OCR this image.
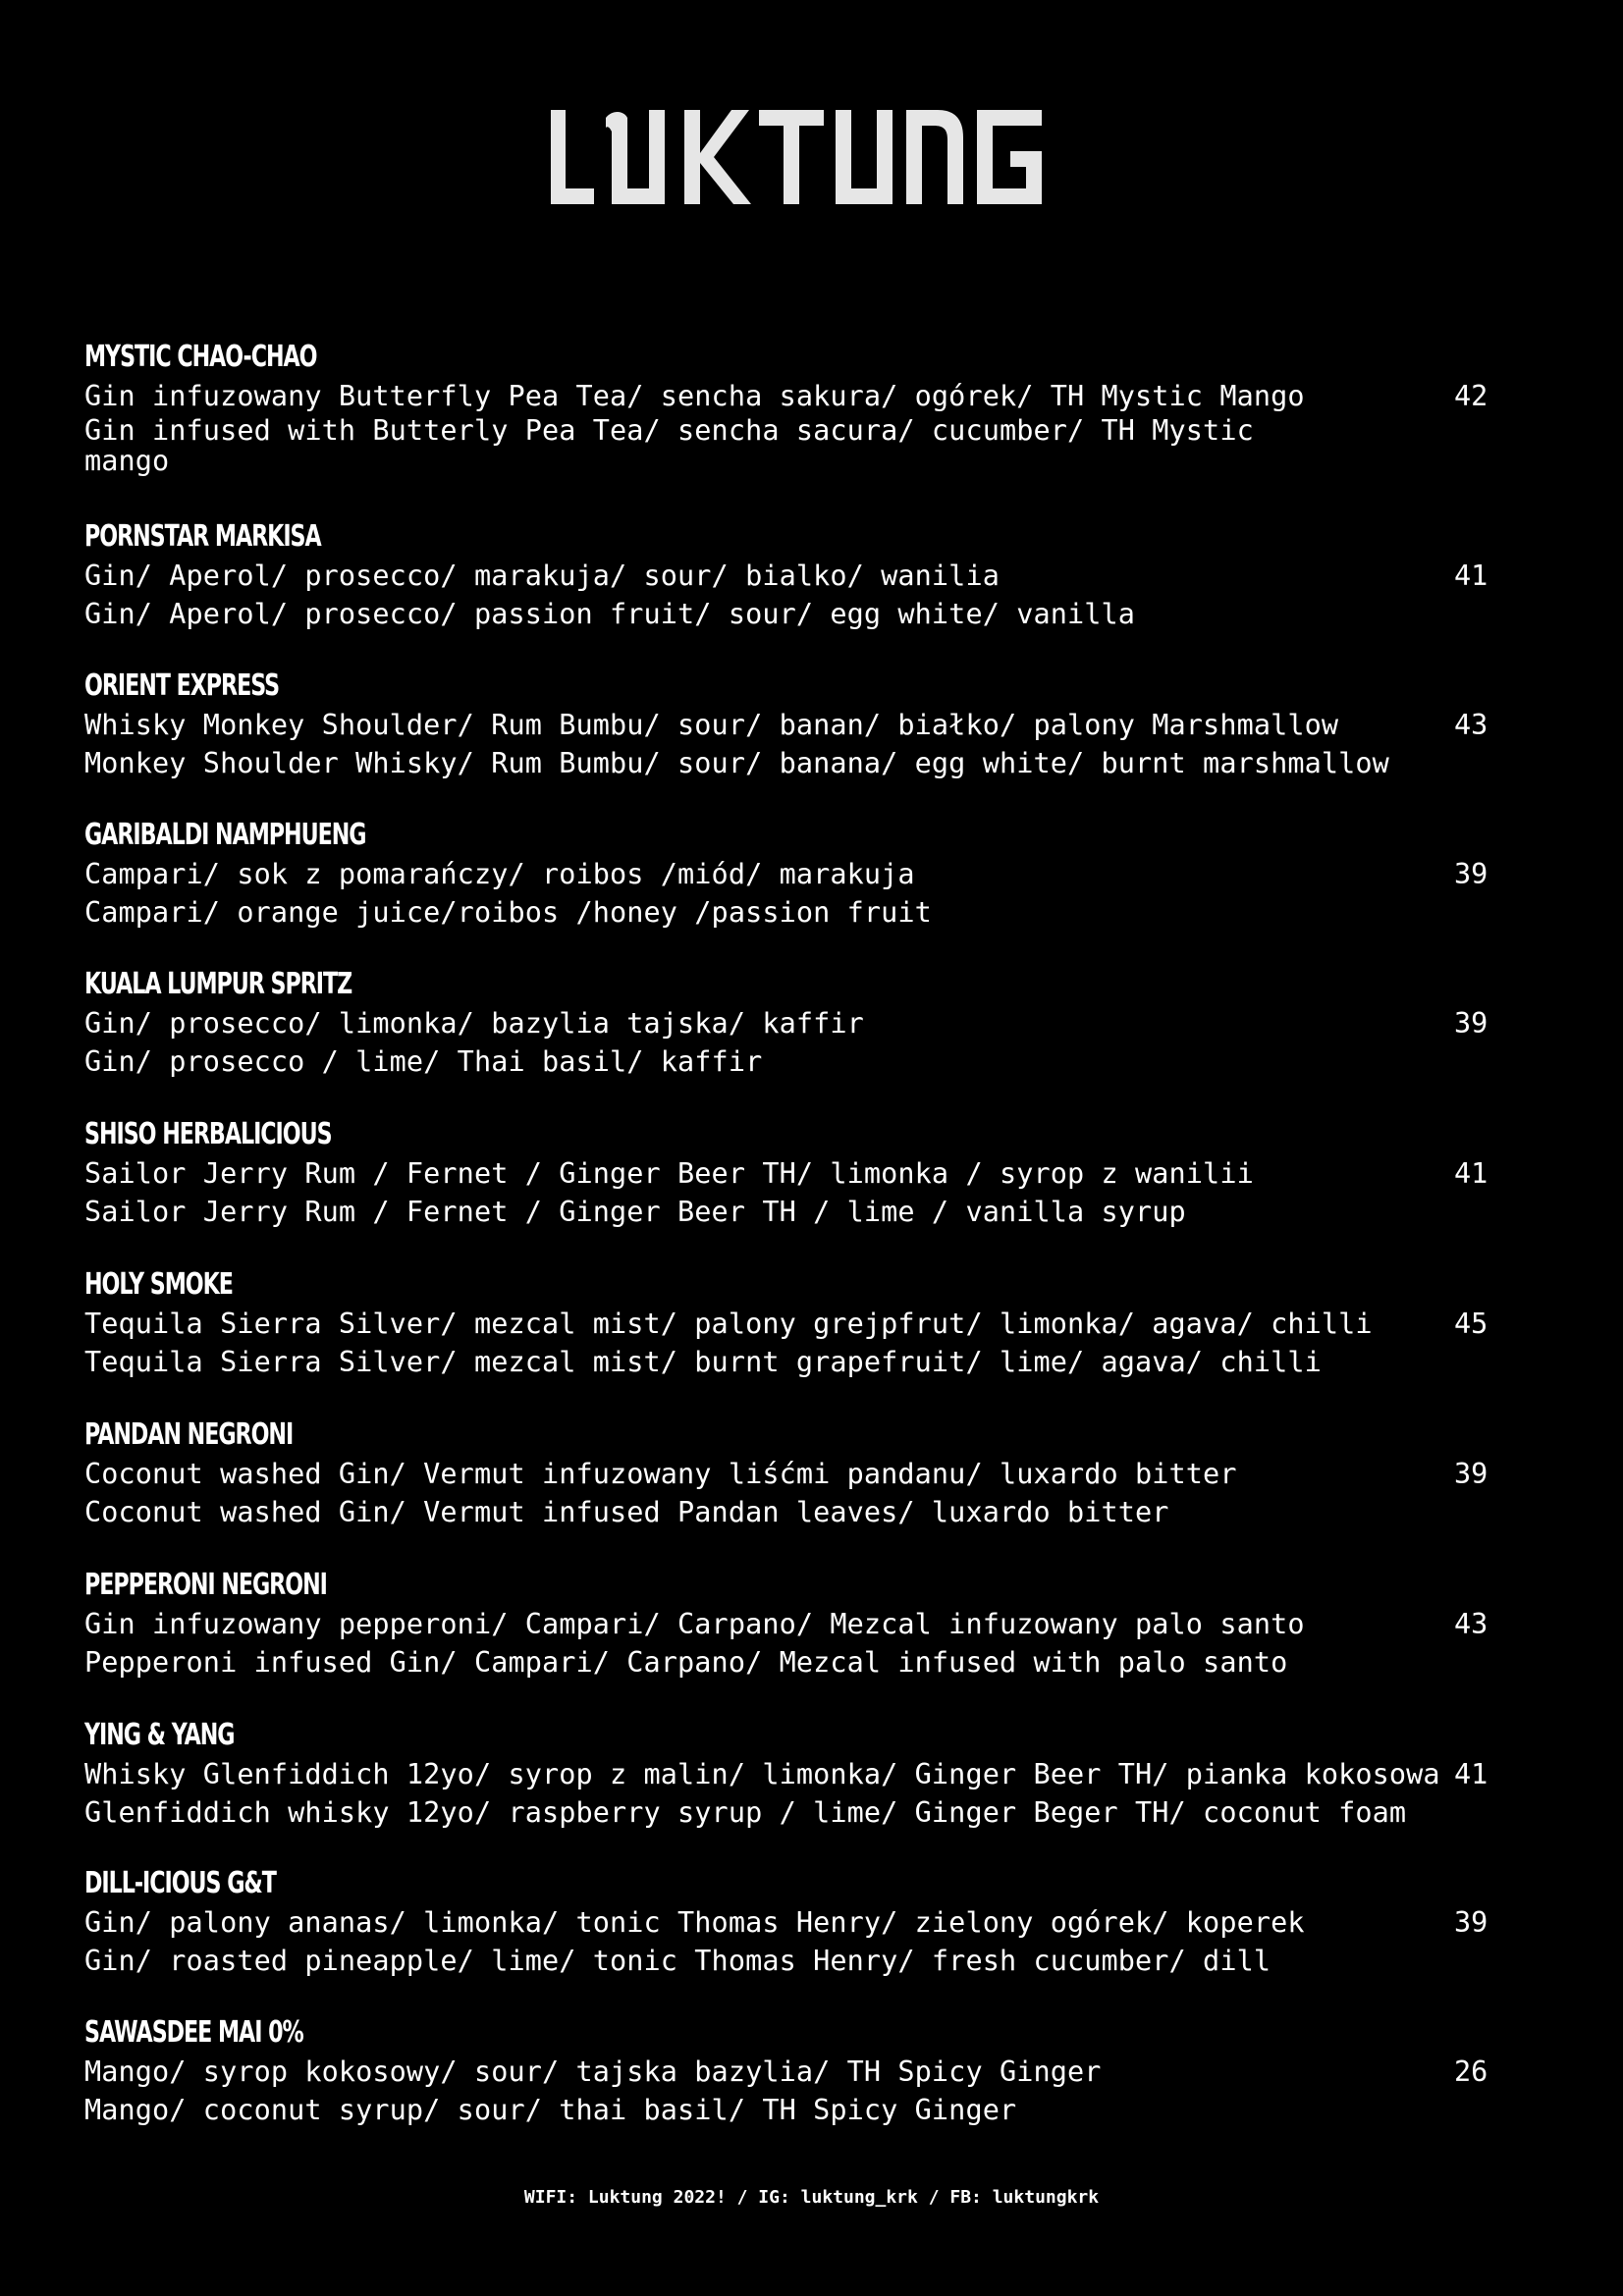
MYSTIC CHAO-CHAO
Gin infuzowany Butterfly Pea Tea/ sencha sakura/ ogórek/ TH Mystic Mango
Gin infused with Butterly Pea Tea/ sencha sacura/ cucumber/ TH Mystic mango
42
PORNSTAR MARKISA
Gin/ Aperol/ prosecco/ marakuja/ sour/ bialko/ wanilia
Gin/ Aperol/ prosecco/ passion fruit/ sour/ egg white/ vanilla
41
ORIENT EXPRESS
Whisky Monkey Shoulder/ Rum Bumbu/ sour/ banan/ białko/ palony Marshmallow
Monkey Shoulder Whisky/ Rum Bumbu/ sour/ banana/ egg white/ burnt marshmallow
43
GARIBALDI NAMPHUENG
Campari/ sok z pomarańczy/ roibos /miód/ marakuja
Campari/ orange juice/roibos /honey /passion fruit
39
KUALA LUMPUR SPRITZ
Gin/ prosecco/ limonka/ bazylia tajska/ kaffir
Gin/ prosecco / lime/ Thai basil/ kaffir
39
SHISO HERBALICIOUS
Sailor Jerry Rum / Fernet / Ginger Beer TH/ limonka / syrop z wanilii
Sailor Jerry Rum / Fernet / Ginger Beer TH / lime / vanilla syrup
41
HOLY SMOKE
Tequila Sierra Silver/ mezcal mist/ palony grejpfrut/ limonka/ agava/ chilli
Tequila Sierra Silver/ mezcal mist/ burnt grapefruit/ lime/ agava/ chilli
45
PANDAN NEGRONI
Coconut washed Gin/ Vermut infuzowany liśćmi pandanu/ luxardo bitter
Coconut washed Gin/ Vermut infused Pandan leaves/ luxardo bitter
39
PEPPERONI NEGRONI
Gin infuzowany pepperoni/ Campari/ Carpano/ Mezcal infuzowany palo santo
Pepperoni infused Gin/ Campari/ Carpano/ Mezcal infused with palo santo
43
YING & YANG
Whisky Glenfiddich 12yo/ syrop z malin/ limonka/ Ginger Beer TH/ pianka kokosowa
Glenfiddich whisky 12yo/ raspberry syrup / lime/ Ginger Beger TH/ coconut foam
41
DILL-ICIOUS G&T
Gin/ palony ananas/ limonka/ tonic Thomas Henry/ zielony ogórek/ koperek
Gin/ roasted pineapple/ lime/ tonic Thomas Henry/ fresh cucumber/ dill
39
SAWASDEE MAI 0%
Mango/ syrop kokosowy/ sour/ tajska bazylia/ TH Spicy Ginger
Mango/ coconut syrup/ sour/ thai basil/ TH Spicy Ginger
26
WIFI: Luktung 2022! / IG: luktung_krk / FB: luktungkrk
